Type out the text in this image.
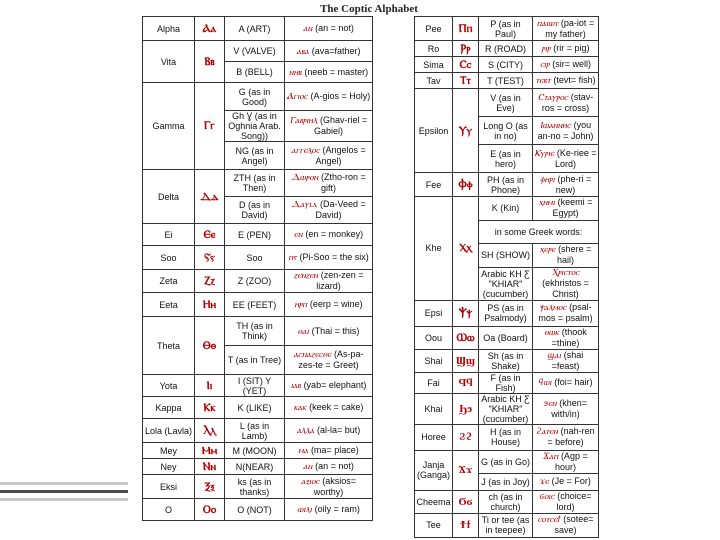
The Coptic Alphabet
Alpha	Ⲁⲁ	A (ART)	ⲁⲛ (an = not)
Vita	Ⲃⲃ	V (VALVE)	ⲁⲃⲁ (ava=father)
		B (BELL)	ⲛⲏⲃ (neeb = master)
Gamma	Ⲅⲅ	G (as in Good)	Ⲁⲅⲓⲟⲥ (A-gios = Holy)
		Gh Ɣ (as in Oghnia Arab. Song))	Ⲅⲁⲃⲣⲓⲏⲗ (Ghav-riel = Gabiel)
		NG (as in Angel)	ⲁⲅⲅⲉⲗⲟⲥ (Angelos = Angel)
Delta	Ⲇⲇ	ZTH (as in Then)	Ⲇⲱⲣⲟⲛ (Ztho-ron = gift)
		D (as in David)	Ⲇⲁⲩⲓⲇ (Da-Veed = David)
Ei	Ⲉⲉ	E (PEN)	ⲉⲛ (en = monkey)
Soo	Ⲋⲋ	Soo	ⲡⲋ (Pi-Soo = the six)
Zeta	Ⲍⲍ	Z (ZOO)	ⲍⲉⲛⲍⲉⲛ (zen-zen = lizard)
Eeta	Ⲏⲏ	EE (FEET)	ⲏⲣⲡ (eerp = wine)
Theta	Ⲑⲑ	TH (as in Think)	ⲑⲁⲓ (Thai = this)
		T (as in Tree)	ⲁⲥⲡⲁⲍⲉⲥⲑⲉ (As-pa-zes-te = Greet)
Yota	Ⲓⲓ	I (SIT) Y (YET)	ⲓⲁⲃ (yab= elephant)
Kappa	Ⲕⲕ	K (LIKE)	ⲕⲁⲕ (keek = cake)
Lola (Lavla)	Ⲗⲗ	L (as in Lamb)	ⲁⲗⲗⲁ (al-la= but)
Mey	Ⲙⲙ	M (MOON)	ⲙⲁ (ma= place)
Ney	Ⲛⲛ	N(NEAR)	ⲁⲛ (an = not)
Eksi	Ⲝⲝ	ks (as in thanks)	ⲁⲝⲓⲟⲥ (aksios= worthy)
O	Ⲟⲟ	O (NOT)	ⲱⲓⲗⲓ (oily = ram)
Pee	Ⲡⲡ	P (as in Paul)	ⲡⲁⲓⲱⲧ (pa-iot = my father)
Ro	Ⲣⲣ	R (ROAD)	ⲣⲓⲣ (rir = pig)
Sima	Ⲥⲥ	S (CITY)	ⲥⲓⲣ (sir= well)
Tav	Ⲧⲧ	T (TEST)	ⲧⲉⲃⲧ (tevt= fish)
Epsilon	Ⲩⲩ	V (as in Eve)	Ⲥⲧⲁⲩⲣⲟⲥ (stav-ros = cross)
		Long O (as in no)	Ⲓⲱⲁⲛⲛⲏⲥ (you an-no = John)
		E (as in hero)	Ⲕⲩⲣⲓⲉ (Ke-riee = Lord)
Fee	Ⲫⲫ	PH (as in Phone)	ⲫⲏⲣⲓ (phe-ri = new)
Khe	Ⲭⲭ	K (Kin)	ⲭⲏⲙⲓ (keemi = Egypt)
		in some Greek words:	
		SH (SHOW)	ⲭⲉⲣⲉ (shere = hail)
		Arabic KH Ƹ "KHIAR" (cucumber)	Ⲭⲣⲓⲥⲧⲟⲥ (ekhristos = Christ)
Epsi	Ⲯⲯ	PS (as in Psalmody)	ⲯⲁⲗⲙⲟⲥ (psal-mos = psalm)
Oou	Ⲱⲱ	Oa (Board)	ⲑⲱⲕ (thook =thine)
Shai	Ϣϣ	Sh (as in Shake)	ϣⲁⲓ (shai =feast)
Fai	Ϥϥ	F (as in Fish)	ϥⲱⲓ (foi= hair)
Khai	Ϧϧ	Arabic KH Ƹ "KHIAR" (cucumber)	ϧⲉⲛ (khen= with/in)
Horee	Ϩϩ	H (as in House)	ϩⲁⲧⲉⲛ (nah-ren = before)
Janja (Ganga)	Ϫϫ	G (as in Go)	Ϫⲁⲡ (Agp = hour)
		J (as in Joy)	ϫⲉ (Je = For)
Cheema	Ϭϭ	ch (as in church)	ϭⲟⲓⲥ (choice= lord)
Tee	Ϯϯ	Ti or tee (as in teepee)	ⲥⲟⲧⲥⲉϯ (sotee= save)
